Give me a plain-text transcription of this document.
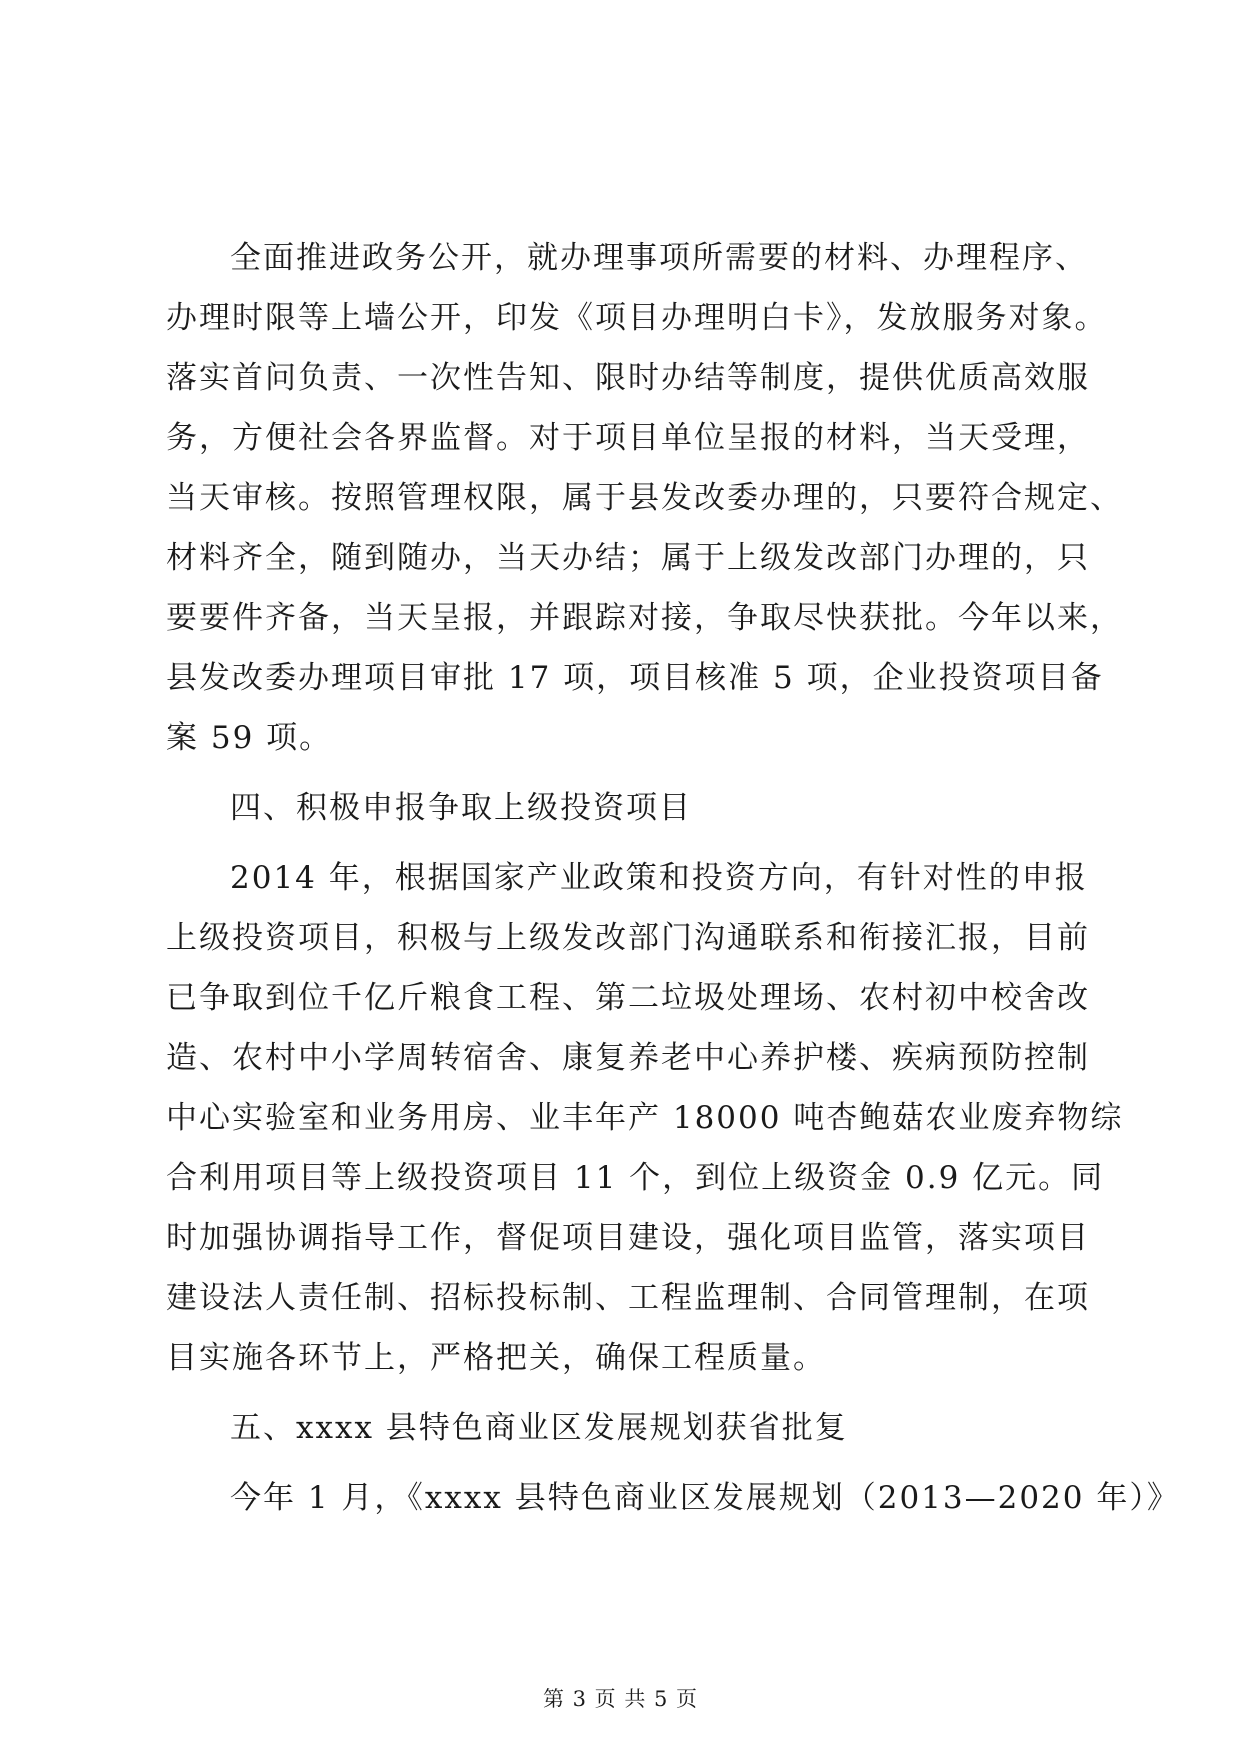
全面推进政务公开，就办理事项所需要的材料、办理程序、
办理时限等上墙公开，印发《项目办理明白卡》，发放服务对象。
落实首问负责、一次性告知、限时办结等制度，提供优质高效服
务，方便社会各界监督。对于项目单位呈报的材料，当天受理，
当天审核。按照管理权限，属于县发改委办理的，只要符合规定、
材料齐全，随到随办，当天办结；属于上级发改部门办理的，只
要要件齐备，当天呈报，并跟踪对接，争取尽快获批。今年以来，
县发改委办理项目审批 17 项，项目核准 5 项，企业投资项目备
案 59 项。
四、积极申报争取上级投资项目
2014 年，根据国家产业政策和投资方向，有针对性的申报
上级投资项目，积极与上级发改部门沟通联系和衔接汇报，目前
已争取到位千亿斤粮食工程、第二垃圾处理场、农村初中校舍改
造、农村中小学周转宿舍、康复养老中心养护楼、疾病预防控制
中心实验室和业务用房、业丰年产 18000 吨杏鲍菇农业废弃物综
合利用项目等上级投资项目 11 个，到位上级资金 0.9 亿元。同
时加强协调指导工作，督促项目建设，强化项目监管，落实项目
建设法人责任制、招标投标制、工程监理制、合同管理制，在项
目实施各环节上，严格把关，确保工程质量。
五、xxxx 县特色商业区发展规划获省批复
今年 1 月，《xxxx 县特色商业区发展规划（2013—2020 年）》
第 3 页 共 5 页
